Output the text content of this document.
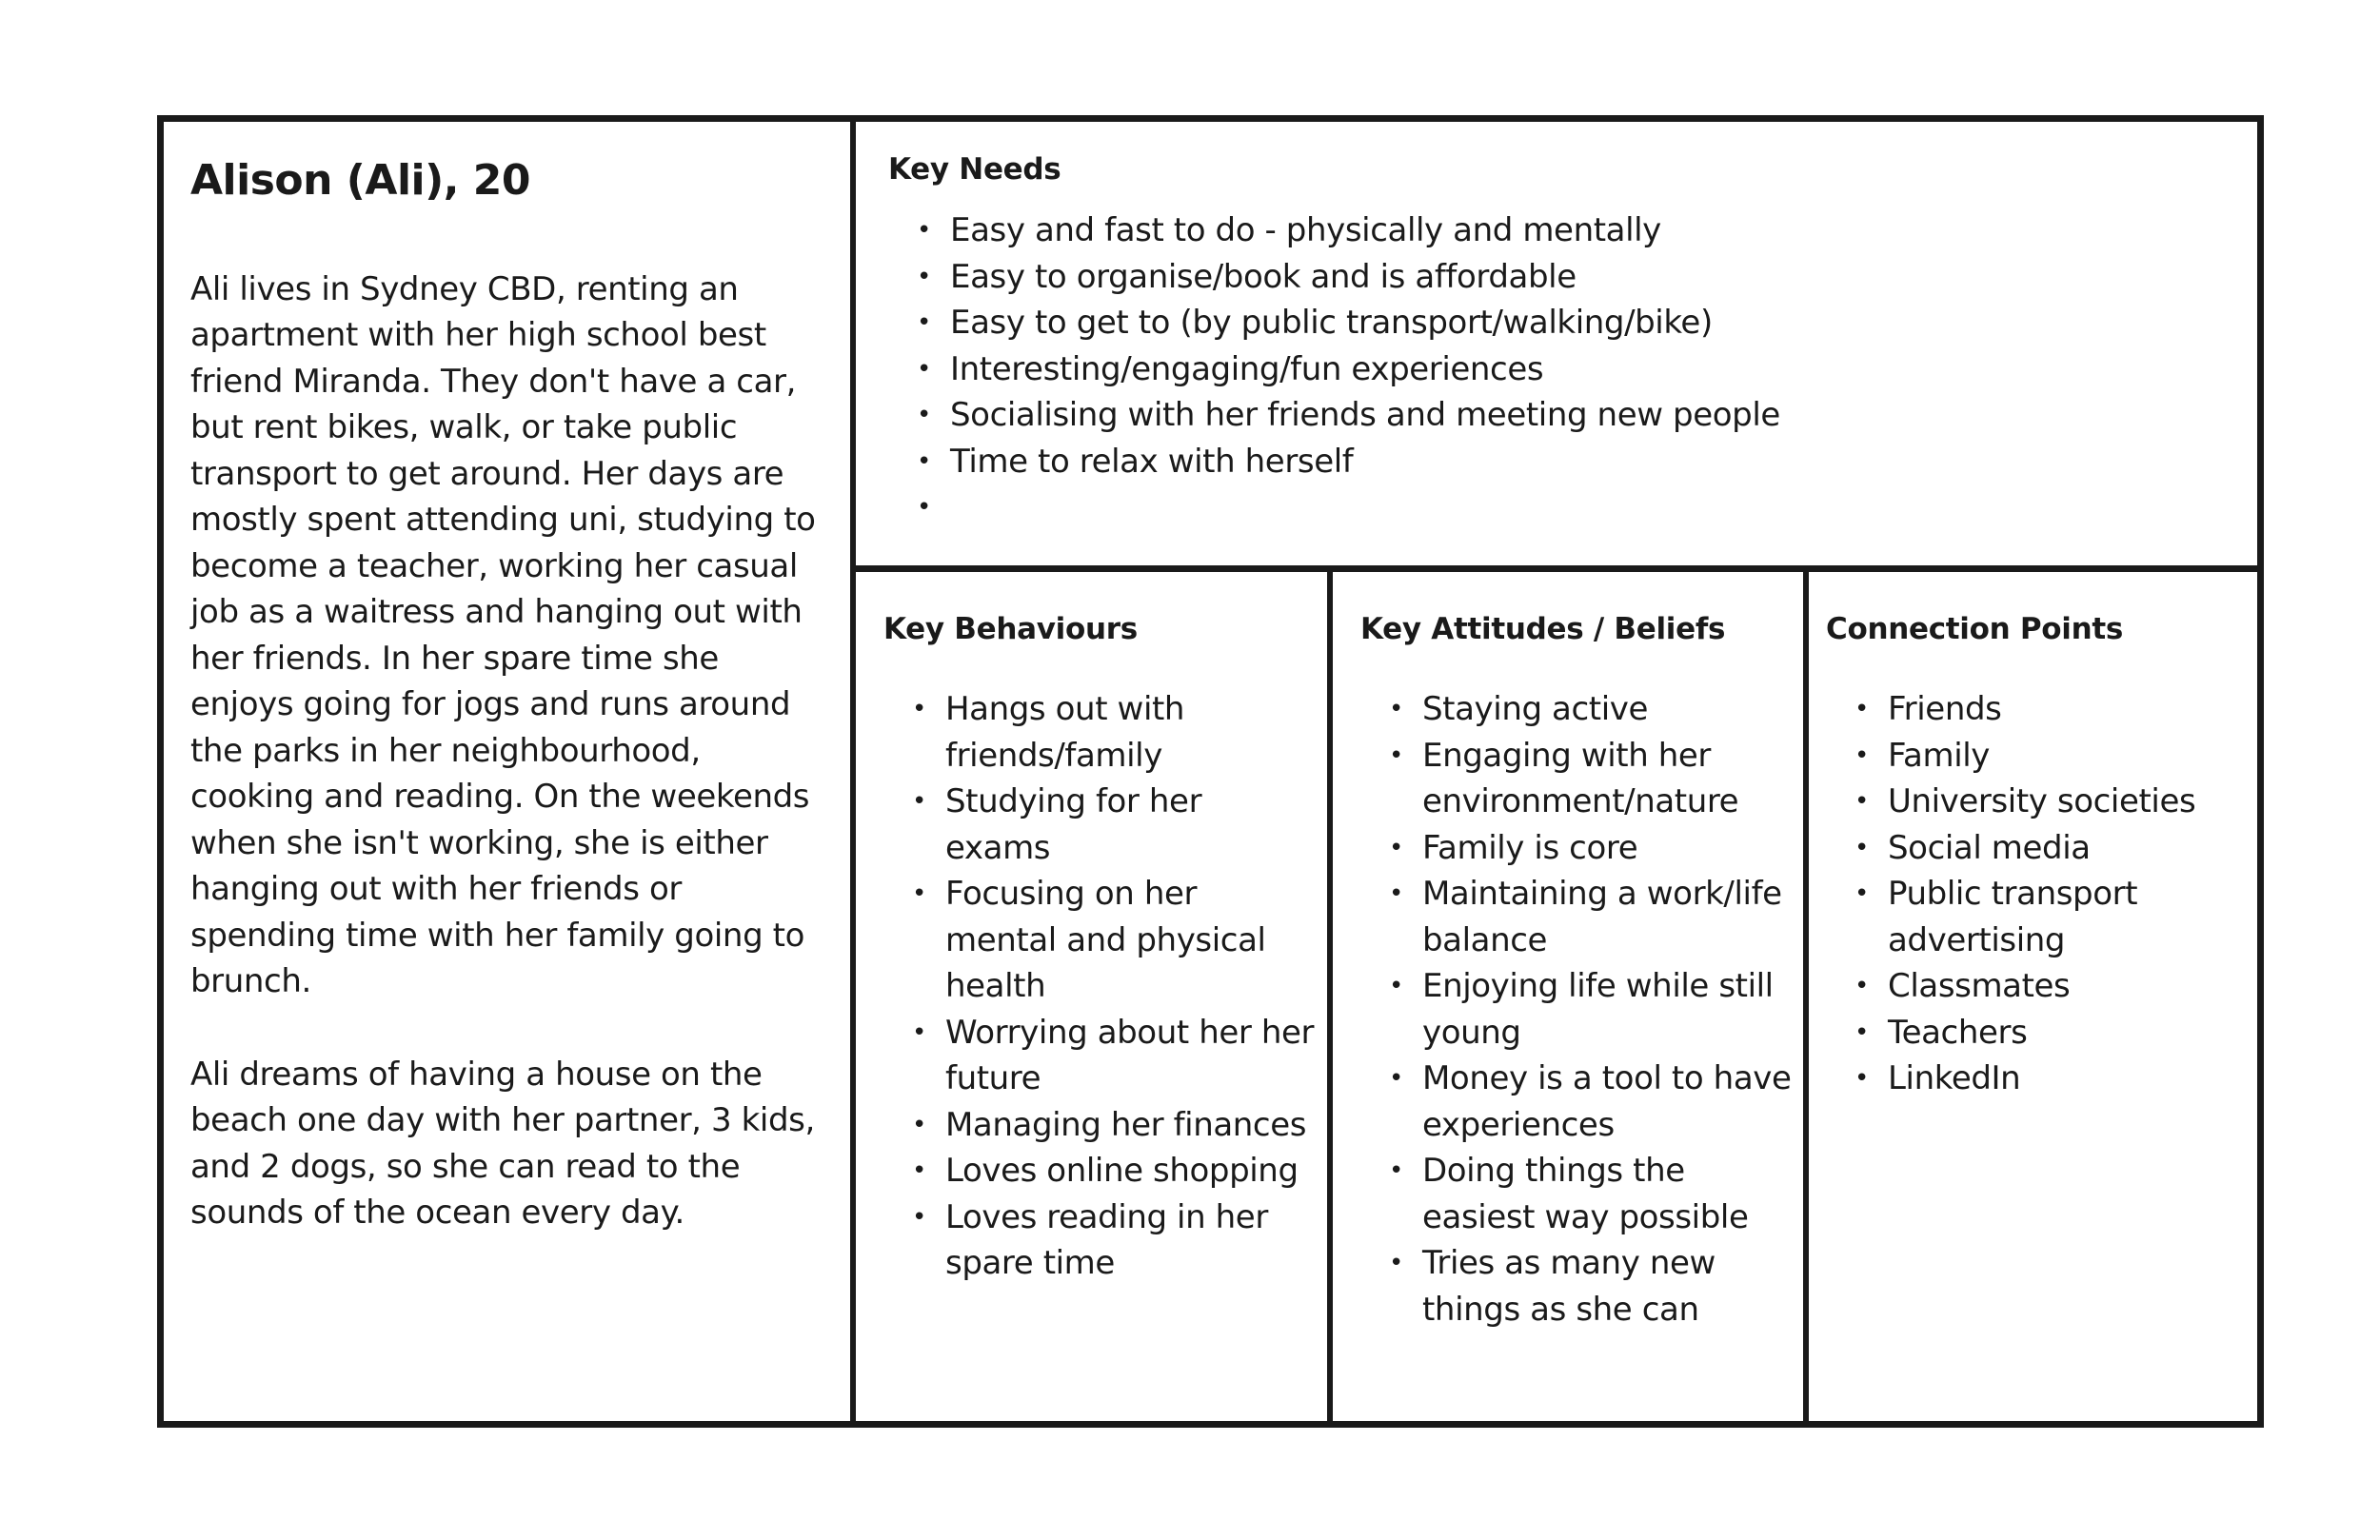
Alison (Ali), 20

Ali lives in Sydney CBD, renting an apartment with her high school best friend Miranda. They don't have a car, but rent bikes, walk, or take public transport to get around. Her days are mostly spent attending uni, studying to become a teacher, working her casual job as a waitress and hanging out with her friends. In her spare time she enjoys going for jogs and runs around the parks in her neighbourhood, cooking and reading. On the weekends when she isn't working, she is either hanging out with her friends or spending time with her family going to brunch.

Ali dreams of having a house on the beach one day with her partner, 3 kids, and 2 dogs, so she can read to the sounds of the ocean every day.

Key Needs
• Easy and fast to do - physically and mentally
• Easy to organise/book and is affordable
• Easy to get to (by public transport/walking/bike)
• Interesting/engaging/fun experiences
• Socialising with her friends and meeting new people
• Time to relax with herself
•

Key Behaviours
• Hangs out with friends/family
• Studying for her exams
• Focusing on her mental and physical health
• Worrying about her her future
• Managing her finances
• Loves online shopping
• Loves reading in her spare time
Key Attitudes / Beliefs
• Staying active
• Engaging with her environment/nature
• Family is core
• Maintaining a work/life balance
• Enjoying life while still young
• Money is a tool to have experiences
• Doing things the easiest way possible
• Tries as many new things as she can
Connection Points
• Friends
• Family
• University societies
• Social media
• Public transport advertising
• Classmates
• Teachers
• LinkedIn
